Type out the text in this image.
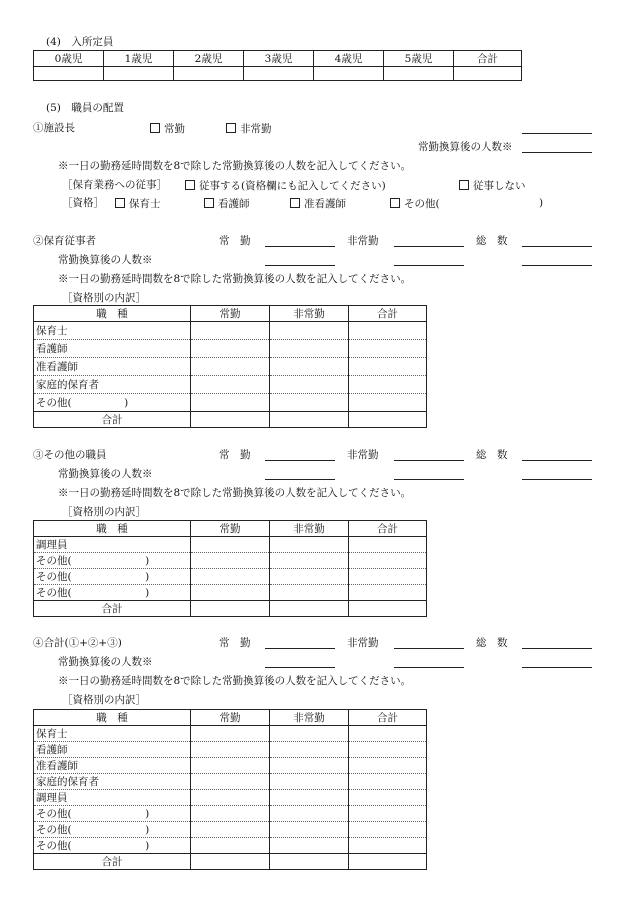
(4)　入所定員
0歳児	1歳児	2歳児	3歳児	4歳児	5歳児	合計

(5)　職員の配置
①施設長	常勤	非常勤
常勤換算後の人数※
※一日の勤務延時間数を8で除した常勤換算後の人数を記入してください。
［保育業務への従事］	従事する(資格欄にも記入してください)	従事しない
［資格］	保育士	看護師	准看護師	その他(	)
②保育従事者	常　勤	非常勤	総　数
常勤換算後の人数※
※一日の勤務延時間数を8で除した常勤換算後の人数を記入してください。
［資格別の内訳］
職　種	常勤	非常勤	合計
保育士			
看護師			
准看護師			
家庭的保育者			
その他(　　　　　)			
合計			
③その他の職員	常　勤	非常勤	総　数
常勤換算後の人数※
※一日の勤務延時間数を8で除した常勤換算後の人数を記入してください。
［資格別の内訳］
職　種	常勤	非常勤	合計
調理員			
その他(　　　　　　　)			
その他(　　　　　　　)			
その他(　　　　　　　)			
合計			
④合計(①+②+③)	常　勤	非常勤	総　数
常勤換算後の人数※
※一日の勤務延時間数を8で除した常勤換算後の人数を記入してください。
［資格別の内訳］
職　種	常勤	非常勤	合計
保育士			
看護師			
准看護師			
家庭的保育者			
調理員			
その他(　　　　　　　)			
その他(　　　　　　　)			
その他(　　　　　　　)			
合計			
